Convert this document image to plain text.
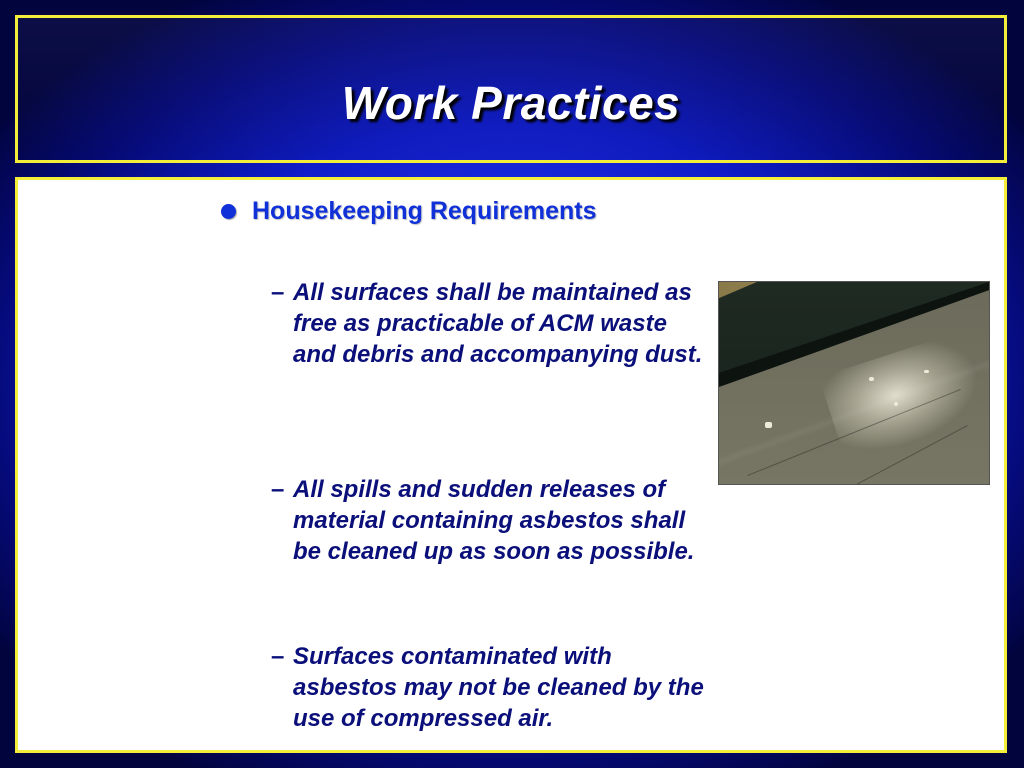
Work Practices
Housekeeping Requirements
– All surfaces shall be maintained as free as practicable of ACM waste and debris and accompanying dust.
– All spills and sudden releases of material containing asbestos shall be cleaned up as soon as possible.
– Surfaces contaminated with asbestos may not be cleaned by the use of compressed air.
